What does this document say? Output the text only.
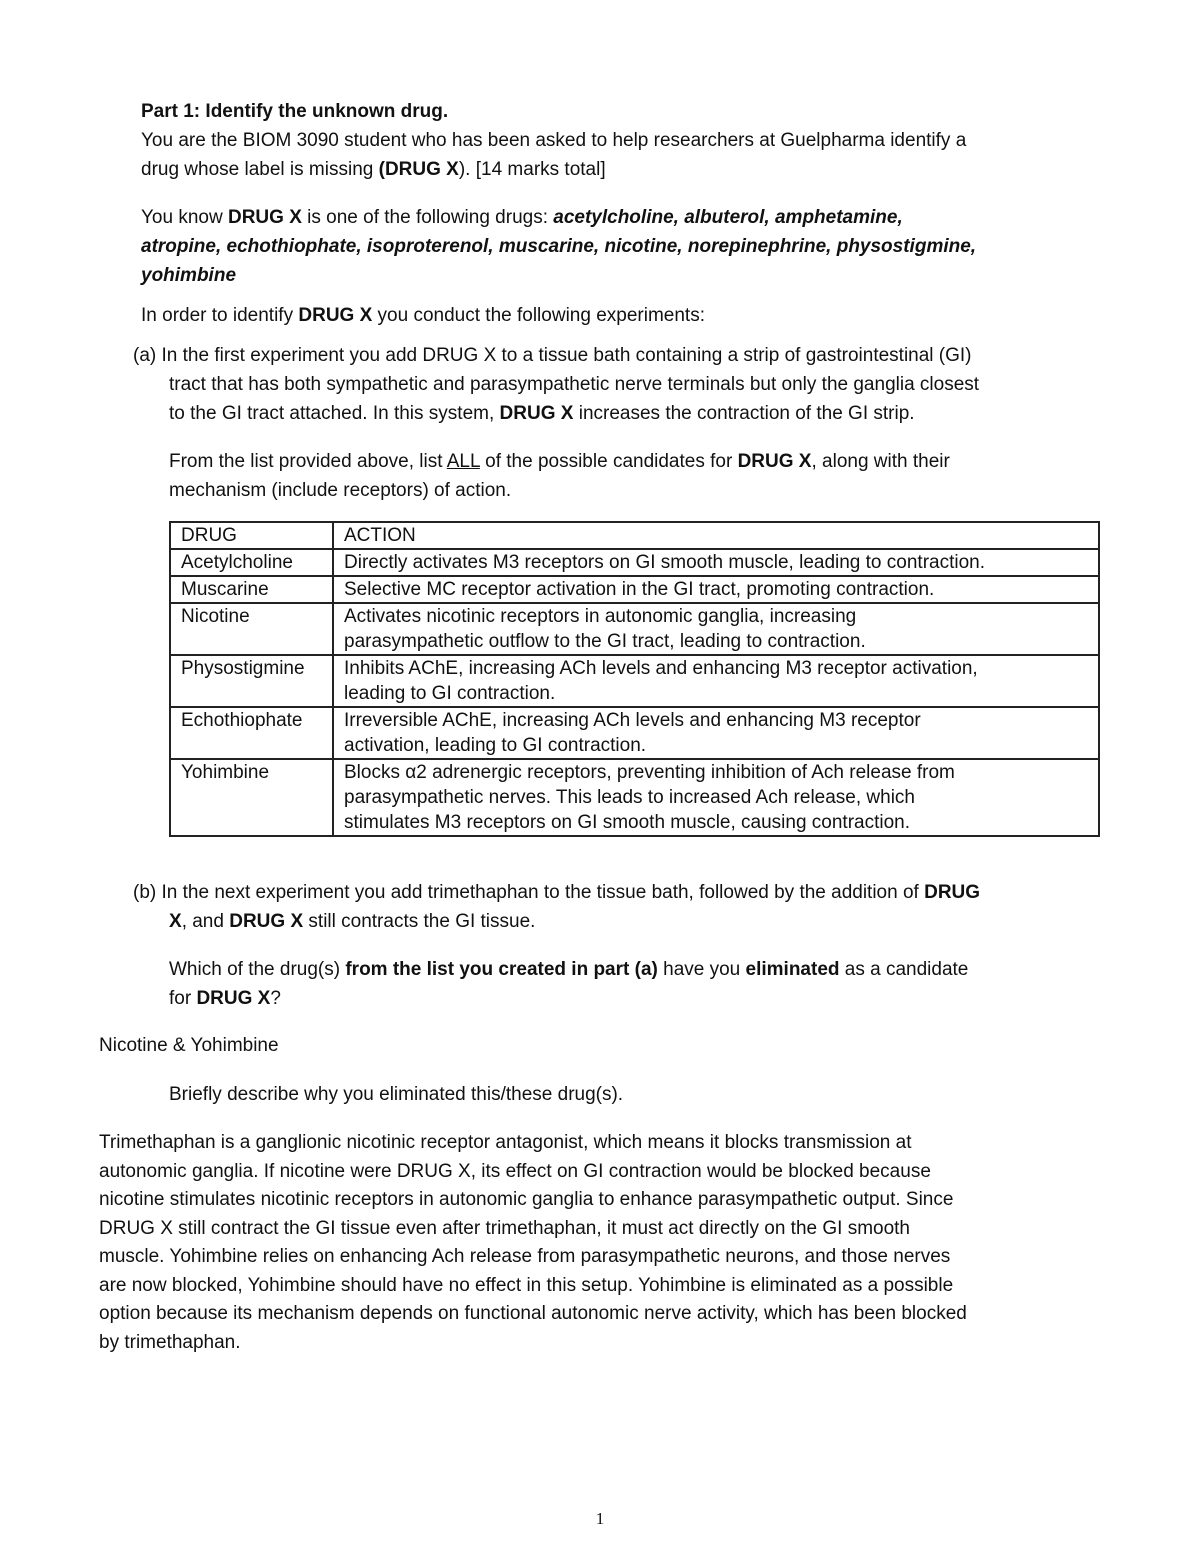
Part 1: Identify the unknown drug.
You are the BIOM 3090 student who has been asked to help researchers at Guelpharma identify a
drug whose label is missing (DRUG X). [14 marks total]
You know DRUG X is one of the following drugs: acetylcholine, albuterol, amphetamine,
atropine, echothiophate, isoproterenol, muscarine, nicotine, norepinephrine, physostigmine,
yohimbine
In order to identify DRUG X you conduct the following experiments:
(a) In the first experiment you add DRUG X to a tissue bath containing a strip of gastrointestinal (GI)
tract that has both sympathetic and parasympathetic nerve terminals but only the ganglia closest
to the GI tract attached. In this system, DRUG X increases the contraction of the GI strip.
From the list provided above, list ALL of the possible candidates for DRUG X, along with their
mechanism (include receptors) of action.
DRUG	ACTION
Acetylcholine	Directly activates M3 receptors on GI smooth muscle, leading to contraction.

Muscarine	Selective MC receptor activation in the GI tract, promoting contraction.

Nicotine	Activates nicotinic receptors in autonomic ganglia, increasing
parasympathetic outflow to the GI tract, leading to contraction.

Physostigmine	Inhibits AChE, increasing ACh levels and enhancing M3 receptor activation,
leading to GI contraction.

Echothiophate	Irreversible AChE, increasing ACh levels and enhancing M3 receptor
activation, leading to GI contraction.

Yohimbine	Blocks α2 adrenergic receptors, preventing inhibition of Ach release from
parasympathetic nerves. This leads to increased Ach release, which
stimulates M3 receptors on GI smooth muscle, causing contraction.
(b) In the next experiment you add trimethaphan to the tissue bath, followed by the addition of DRUG
X, and DRUG X still contracts the GI tissue.
Which of the drug(s) from the list you created in part (a) have you eliminated as a candidate
for DRUG X?
Nicotine & Yohimbine
Briefly describe why you eliminated this/these drug(s).
Trimethaphan is a ganglionic nicotinic receptor antagonist, which means it blocks transmission at
autonomic ganglia. If nicotine were DRUG X, its effect on GI contraction would be blocked because
nicotine stimulates nicotinic receptors in autonomic ganglia to enhance parasympathetic output. Since
DRUG X still contract the GI tissue even after trimethaphan, it must act directly on the GI smooth
muscle. Yohimbine relies on enhancing Ach release from parasympathetic neurons, and those nerves
are now blocked, Yohimbine should have no effect in this setup. Yohimbine is eliminated as a possible
option because its mechanism depends on functional autonomic nerve activity, which has been blocked
by trimethaphan.
1
